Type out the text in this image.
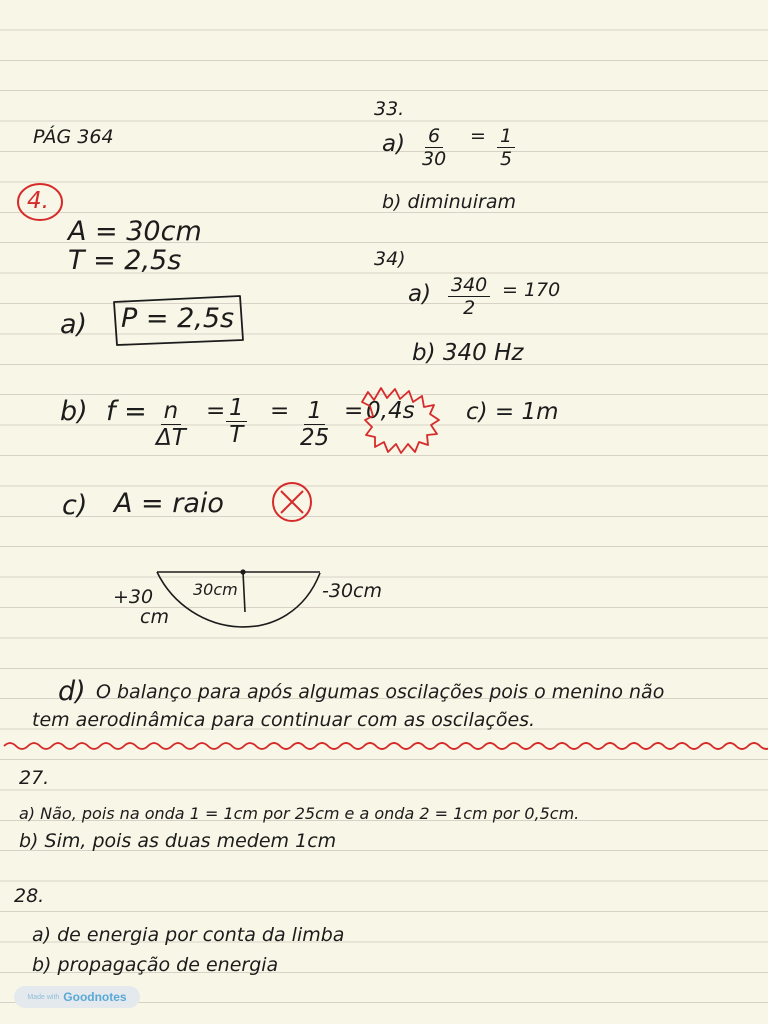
PÁG 364
4.
A = 30cm
T = 2,5s
a) P = 2,5s
b) $f = \frac{n}{\Delta T} = \frac{1}{T} = \frac{1}{25} = 0,4s$
c) A = raio
+30
cm
30cm	-30cm
d) O balanço para após algumas oscilações pois o menino não
tem aerodinâmica para continuar com as oscilações.
33.
$a) \frac{6}{30} = \frac{1}{5}$
b) diminuiram
34)
$a) \frac{340}{2} = 170$
b) 340 Hz
c) = 1m
27.
a) Não, pois na onda 1 = 1cm por 25cm e a onda 2 = 1cm por 0,5cm.
b) Sim, pois as duas medem 1cm
28.
a) de energia por conta da limba
b) propagação de energia
Made with Goodnotes
